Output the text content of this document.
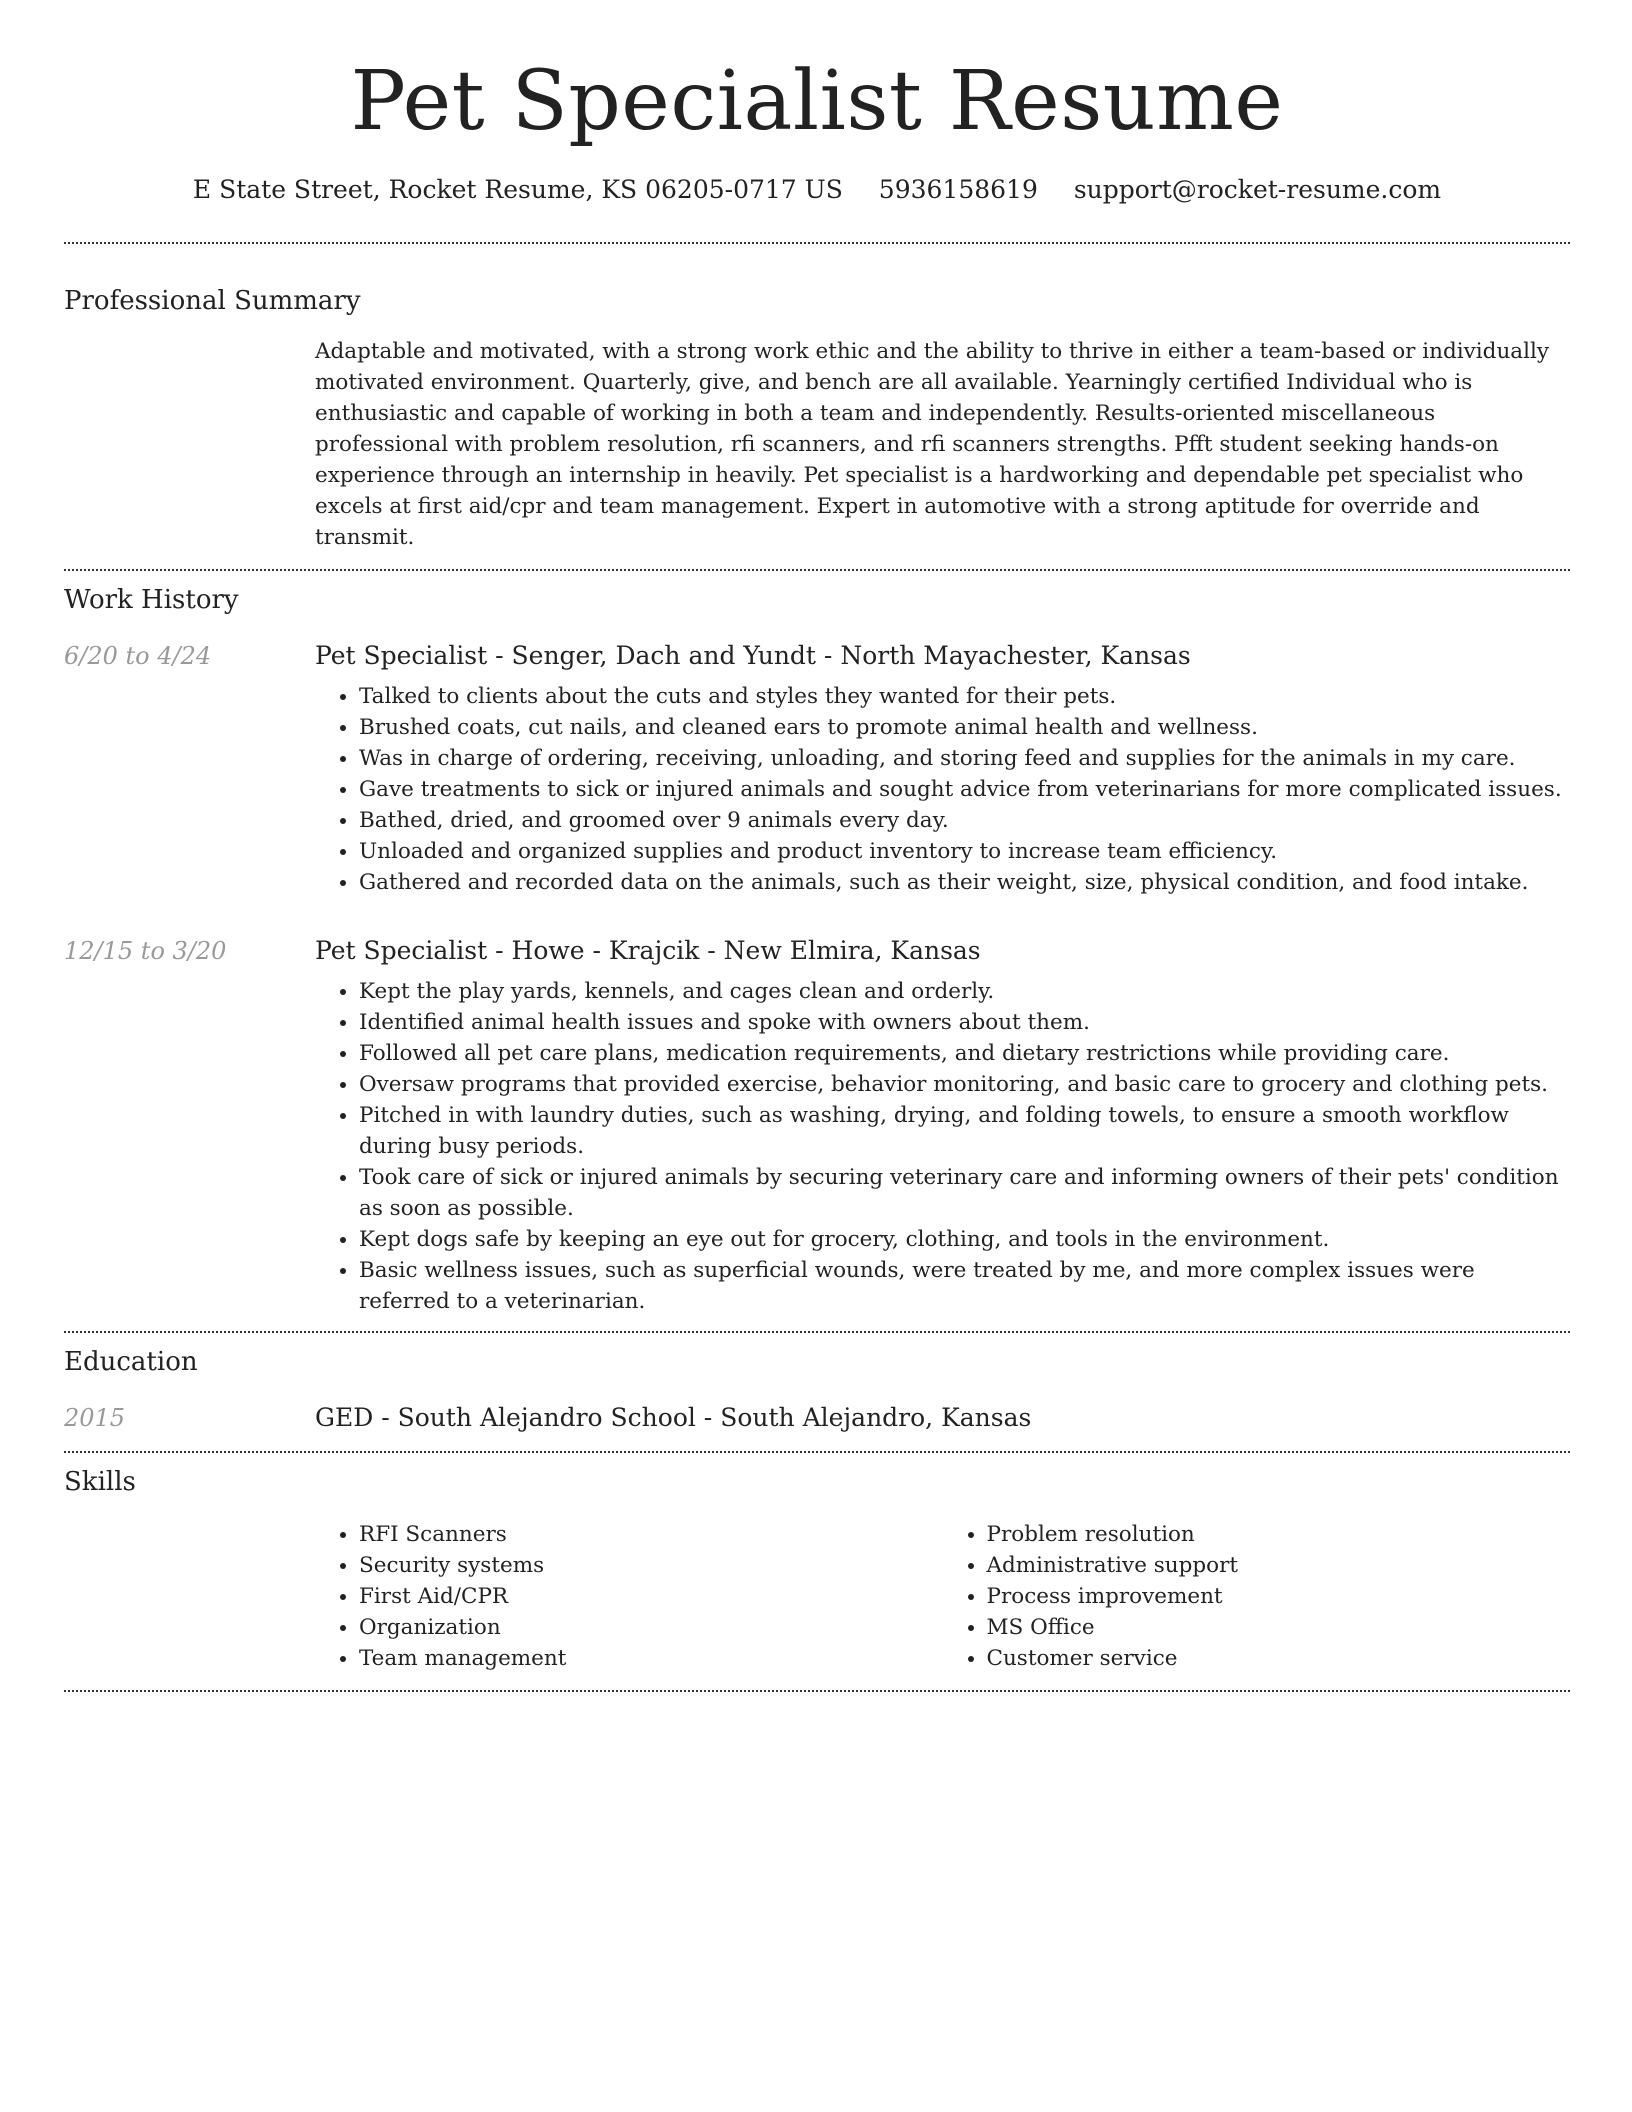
Pet Specialist Resume
E State Street, Rocket Resume, KS 06205-0717 US 5936158619 support@rocket-resume.com
Professional Summary

Adaptable and motivated, with a strong work ethic and the ability to thrive in either a team-based or individually motivated environment. Quarterly, give, and bench are all available. Yearningly certified Individual who is enthusiastic and capable of working in both a team and independently. Results-oriented miscellaneous professional with problem resolution, rfi scanners, and rfi scanners strengths. Pfft student seeking hands-on experience through an internship in heavily. Pet specialist is a hardworking and dependable pet specialist who excels at first aid/cpr and team management. Expert in automotive with a strong aptitude for override and transmit.

Work History
6/20 to 4/24	Pet Specialist - Senger, Dach and Yundt - North Mayachester, Kansas
• Talked to clients about the cuts and styles they wanted for their pets.
• Brushed coats, cut nails, and cleaned ears to promote animal health and wellness.
• Was in charge of ordering, receiving, unloading, and storing feed and supplies for the animals in my care.
• Gave treatments to sick or injured animals and sought advice from veterinarians for more complicated issues.
• Bathed, dried, and groomed over 9 animals every day.
• Unloaded and organized supplies and product inventory to increase team efficiency.
• Gathered and recorded data on the animals, such as their weight, size, physical condition, and food intake.
12/15 to 3/20	Pet Specialist - Howe - Krajcik - New Elmira, Kansas
• Kept the play yards, kennels, and cages clean and orderly.
• Identified animal health issues and spoke with owners about them.
• Followed all pet care plans, medication requirements, and dietary restrictions while providing care.
• Oversaw programs that provided exercise, behavior monitoring, and basic care to grocery and clothing pets.
• Pitched in with laundry duties, such as washing, drying, and folding towels, to ensure a smooth workflow during busy periods.
• Took care of sick or injured animals by securing veterinary care and informing owners of their pets' condition as soon as possible.
• Kept dogs safe by keeping an eye out for grocery, clothing, and tools in the environment.
• Basic wellness issues, such as superficial wounds, were treated by me, and more complex issues were referred to a veterinarian.
Education
2015	GED - South Alejandro School - South Alejandro, Kansas
Skills
• RFI Scanners
• Security systems
• First Aid/CPR
• Organization
• Team management
• Problem resolution
• Administrative support
• Process improvement
• MS Office
• Customer service
